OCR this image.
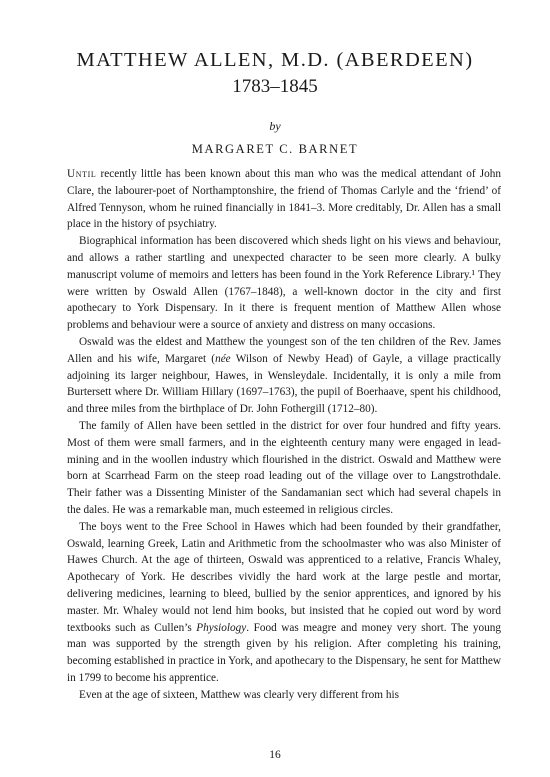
MATTHEW ALLEN, M.D. (ABERDEEN)
1783–1845
by
MARGARET C. BARNET

Until recently little has been known about this man who was the medical attendant of John Clare, the labourer-poet of Northamptonshire, the friend of Thomas Carlyle and the ‘friend’ of Alfred Tennyson, whom he ruined financially in 1841–3. More creditably, Dr. Allen has a small place in the history of psychiatry.

Biographical information has been discovered which sheds light on his views and behaviour, and allows a rather startling and unexpected character to be seen more clearly. A bulky manuscript volume of memoirs and letters has been found in the York Reference Library.¹ They were written by Oswald Allen (1767–1848), a well-known doctor in the city and first apothecary to York Dispensary. In it there is frequent mention of Matthew Allen whose problems and behaviour were a source of anxiety and distress on many occasions.

Oswald was the eldest and Matthew the youngest son of the ten children of the Rev. James Allen and his wife, Margaret (née Wilson of Newby Head) of Gayle, a village practically adjoining its larger neighbour, Hawes, in Wensleydale. Incidentally, it is only a mile from Burtersett where Dr. William Hillary (1697–1763), the pupil of Boerhaave, spent his childhood, and three miles from the birthplace of Dr. John Fothergill (1712–80).

The family of Allen have been settled in the district for over four hundred and fifty years. Most of them were small farmers, and in the eighteenth century many were engaged in lead-mining and in the woollen industry which flourished in the district. Oswald and Matthew were born at Scarrhead Farm on the steep road leading out of the village over to Langstrothdale. Their father was a Dissenting Minister of the Sandamanian sect which had several chapels in the dales. He was a remarkable man, much esteemed in religious circles.

The boys went to the Free School in Hawes which had been founded by their grandfather, Oswald, learning Greek, Latin and Arithmetic from the schoolmaster who was also Minister of Hawes Church. At the age of thirteen, Oswald was apprenticed to a relative, Francis Whaley, Apothecary of York. He describes vividly the hard work at the large pestle and mortar, delivering medicines, learning to bleed, bullied by the senior apprentices, and ignored by his master. Mr. Whaley would not lend him books, but insisted that he copied out word by word textbooks such as Cullen’s Physiology. Food was meagre and money very short. The young man was supported by the strength given by his religion. After completing his training, becoming established in practice in York, and apothecary to the Dispensary, he sent for Matthew in 1799 to become his apprentice.

Even at the age of sixteen, Matthew was clearly very different from his

16
